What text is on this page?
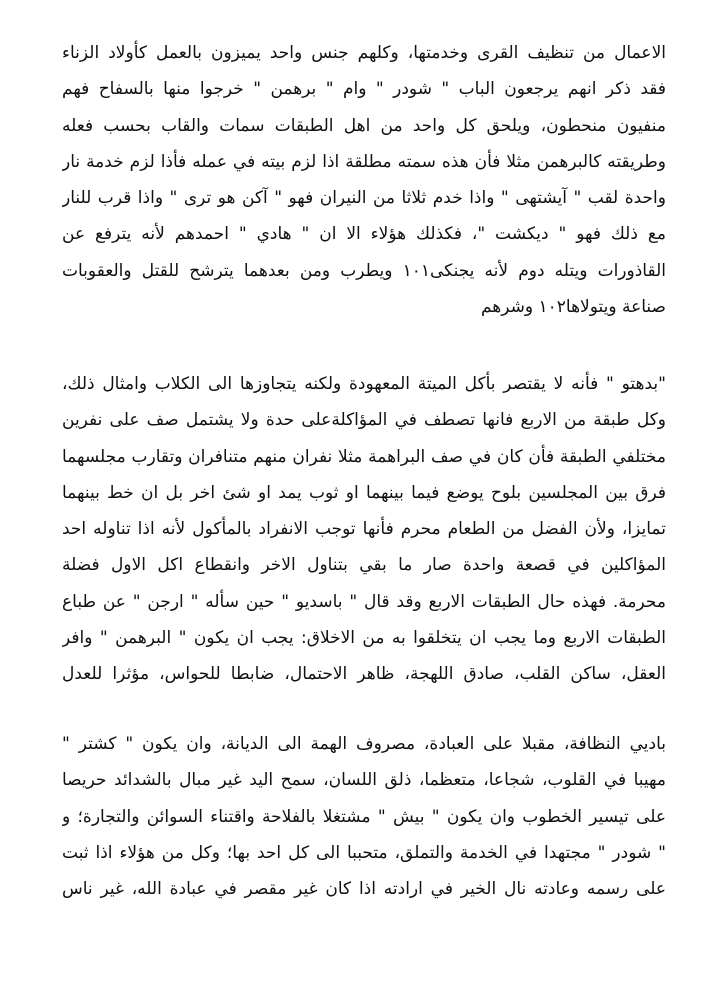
الاعمال من تنظيف القرى وخدمتها، وكلهم جنس واحد يميزون بالعمل كأولاد الزناء
فقد ذكر انهم يرجعون الباب " شودر " وام " برهمن " خرجوا منها بالسفاح فهم
منفيون منحطون، ويلحق كل واحد من اهل الطبقات سمات والقاب بحسب فعله
وطريقته كالبرهمن مثلا فأن هذه سمته مطلقة اذا لزم بيته في عمله فأذا لزم خدمة نار
واحدة لقب " آيشتهى " واذا خدم ثلاثا من النيران فهو " آكن هو ترى " واذا قرب للنار
مع ذلك فهو " ديكشت "، فكذلك هؤلاء الا ان " هادي " احمدهم لأنه يترفع عن
القاذورات ويتله دوم لأنه يجنكى١٠١ ويطرب ومن بعدهما يترشح للقتل والعقوبات
صناعة ويتولاها١٠٢ وشرهم
"بدهتو " فأنه لا يقتصر بأكل الميتة المعهودة ولكنه يتجاوزها الى الكلاب وامثال ذلك،
وكل طبقة من الاربع فانها تصطف في المؤاكلةعلى حدة ولا يشتمل صف على نفرين
مختلفي الطبقة فأن كان في صف البراهمة مثلا نفران منهم متنافران وتقارب مجلسهما
فرق بين المجلسين بلوح يوضع فيما بينهما او ثوب يمد او شئ اخر بل ان خط بينهما
تمايزا، ولأن الفضل من الطعام محرم فأنها توجب الانفراد بالمأكول لأنه اذا تناوله احد
المؤاكلين في قصعة واحدة صار ما بقي بتناول الاخر وانقطاع اكل الاول فضلة
محرمة. فهذه حال الطبقات الاربع وقد قال " باسديو " حين سأله " ارجن " عن طباع
الطبقات الاربع وما يجب ان يتخلقوا به من الاخلاق: يجب ان يكون " البرهمن " وافر
العقل، ساكن القلب، صادق اللهجة، ظاهر الاحتمال، ضابطا للحواس، مؤثرا للعدل
باديي النظافة، مقبلا على العبادة، مصروف الهمة الى الديانة، وان يكون " كشتر "
مهيبا في القلوب، شجاعا، متعظما، ذلق اللسان، سمح اليد غير مبال بالشدائد حريصا
على تيسير الخطوب وان يكون " بيش " مشتغلا بالفلاحة واقتناء السوائن والتجارة؛ و
" شودر " مجتهدا في الخدمة والتملق، متحببا الى كل احد بها؛ وكل من هؤلاء اذا ثبت
على رسمه وعادته نال الخير في ارادته اذا كان غير مقصر في عبادة الله، غير ناس
